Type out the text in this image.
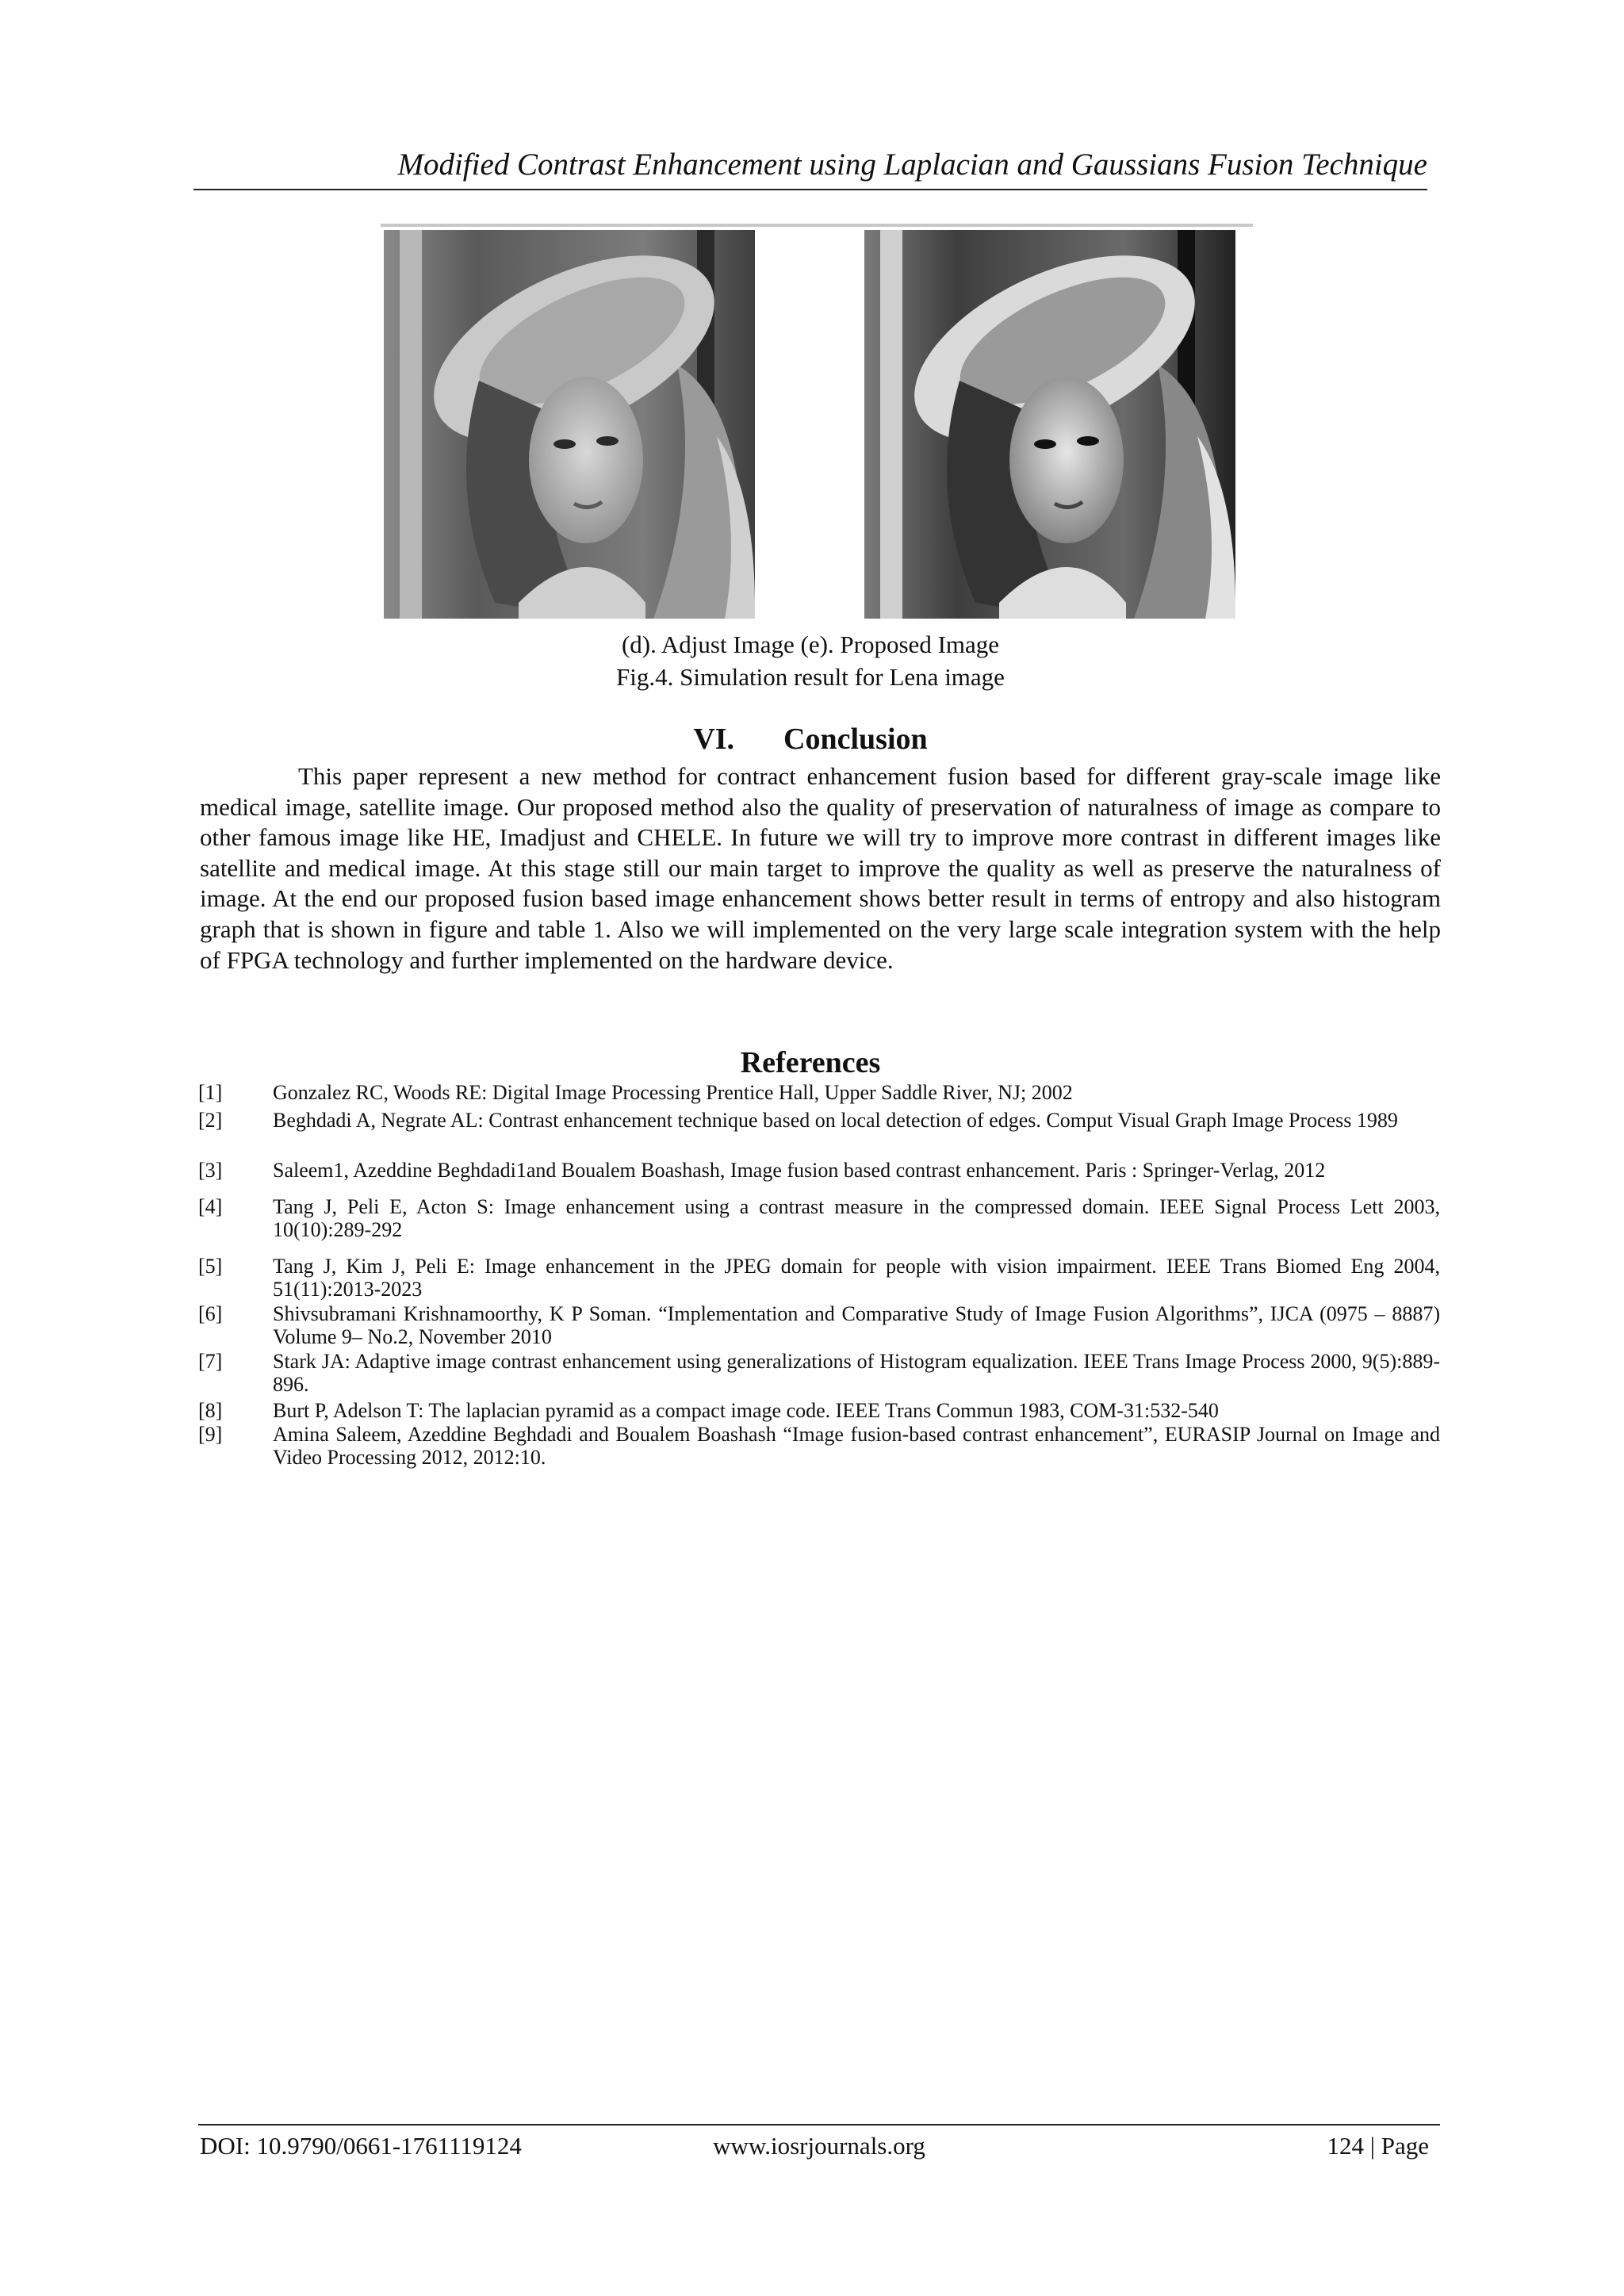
Modified Contrast Enhancement using Laplacian and Gaussians Fusion Technique
(d). Adjust Image (e). Proposed Image
Fig.4. Simulation result for Lena image
VI. Conclusion

This paper represent a new method for contract enhancement fusion based for different gray-scale image like medical image, satellite image. Our proposed method also the quality of preservation of naturalness of image as compare to other famous image like HE, Imadjust and CHELE. In future we will try to improve more contrast in different images like satellite and medical image. At this stage still our main target to improve the quality as well as preserve the naturalness of image. At the end our proposed fusion based image enhancement shows better result in terms of entropy and also histogram graph that is shown in figure and table 1. Also we will implemented on the very large scale integration system with the help of FPGA technology and further implemented on the hardware device.

References
[1]	Gonzalez RC, Woods RE: Digital Image Processing Prentice Hall, Upper Saddle River, NJ; 2002
[2]	Beghdadi A, Negrate AL: Contrast enhancement technique based on local detection of edges. Comput Visual Graph Image Process 1989
[3]	Saleem1, Azeddine Beghdadi1and Boualem Boashash, Image fusion based contrast enhancement. Paris : Springer-Verlag, 2012
[4]	Tang J, Peli E, Acton S: Image enhancement using a contrast measure in the compressed domain. IEEE Signal Process Lett 2003, 10(10):289-292
[5]	Tang J, Kim J, Peli E: Image enhancement in the JPEG domain for people with vision impairment. IEEE Trans Biomed Eng 2004, 51(11):2013-2023
[6]	Shivsubramani Krishnamoorthy, K P Soman. “Implementation and Comparative Study of Image Fusion Algorithms”, IJCA (0975 – 8887) Volume 9– No.2, November 2010
[7]	Stark JA: Adaptive image contrast enhancement using generalizations of Histogram equalization. IEEE Trans Image Process 2000, 9(5):889-896.
[8]	Burt P, Adelson T: The laplacian pyramid as a compact image code. IEEE Trans Commun 1983, COM-31:532-540
[9]	Amina Saleem, Azeddine Beghdadi and Boualem Boashash “Image fusion-based contrast enhancement”, EURASIP Journal on Image and Video Processing 2012, 2012:10.
DOI: 10.9790/0661-1761119124	www.iosrjournals.org	124 | Page
